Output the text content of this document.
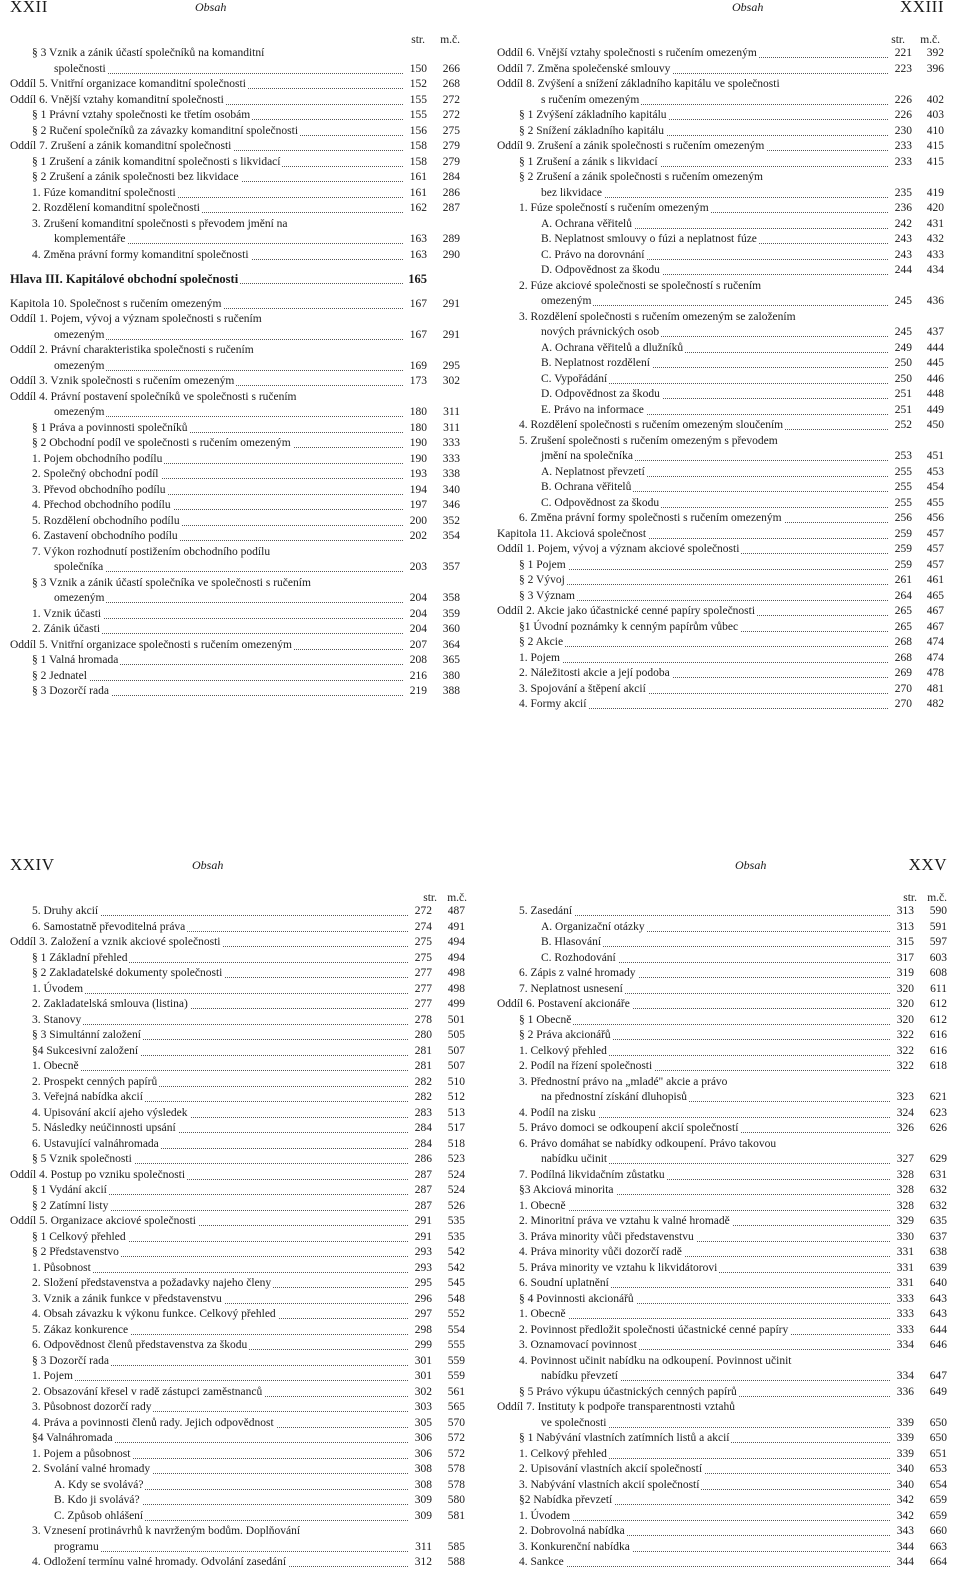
XXII	Obsah
str. m.č.
§ 3 Vznik a zánik účastí společníků na komanditní
společnosti	150	266
Oddíl 5. Vnitřní organizace komanditní společnosti	152	268
Oddíl 6. Vnější vztahy komanditní společnosti	155	272
§ 1 Právní vztahy společnosti ke třetím osobám	155	272
§ 2 Ručení společníků za závazky komanditní společnosti	156	275
Oddíl 7. Zrušení a zánik komanditní společnosti	158	279
§ 1 Zrušení a zánik komanditní společnosti s likvidací	158	279
§ 2 Zrušení a zánik společnosti bez likvidace	161	284
1. Fúze komanditní společnosti	161	286
2. Rozdělení komanditní společnosti	162	287
3. Zrušení komanditní společnosti s převodem jmění na
komplementáře	163	289
4. Změna právní formy komanditní společnosti	163	290
Hlava III. Kapitálové obchodní společnosti	165
Kapitola 10. Společnost s ručením omezeným	167	291
Oddíl 1. Pojem, vývoj a význam společnosti s ručením
omezeným	167	291
Oddíl 2. Právní charakteristika společnosti s ručením
omezeným	169	295
Oddíl 3. Vznik společnosti s ručením omezeným	173	302
Oddíl 4. Právní postavení společníků ve společnosti s ručením
omezeným	180	311
§ 1 Práva a povinnosti společníků	180	311
§ 2 Obchodní podíl ve společnosti s ručením omezeným	190	333
1. Pojem obchodního podílu	190	333
2. Společný obchodní podíl	193	338
3. Převod obchodního podílu	194	340
4. Přechod obchodního podílu	197	346
5. Rozdělení obchodního podílu	200	352
6. Zastavení obchodního podílu	202	354
7. Výkon rozhodnutí postižením obchodního podílu
společníka	203	357
§ 3 Vznik a zánik účastí společníka ve společnosti s ručením
omezeným	204	358
1. Vznik účasti	204	359
2. Zánik účasti	204	360
Oddíl 5. Vnitřní organizace společnosti s ručením omezeným	207	364
§ 1 Valná hromada	208	365
§ 2 Jednatel	216	380
§ 3 Dozorčí rada	219	388
Obsah	XXIII
str. m.č.
Oddíl 6. Vnější vztahy společnosti s ručením omezeným	221	392
Oddíl 7. Změna společenské smlouvy	223	396
Oddíl 8. Zvýšení a snížení základního kapitálu ve společnosti
s ručením omezeným	226	402
§ 1 Zvýšení základního kapitálu	226	403
§ 2 Snížení základního kapitálu	230	410
Oddíl 9. Zrušení a zánik společnosti s ručením omezeným	233	415
§ 1 Zrušení a zánik s likvidací	233	415
§ 2 Zrušení a zánik společnosti s ručením omezeným
bez likvidace	235	419
1. Fúze společností s ručením omezeným	236	420
A. Ochrana věřitelů	242	431
B. Neplatnost smlouvy o fúzi a neplatnost fúze	243	432
C. Právo na dorovnání	243	433
D. Odpovědnost za škodu	244	434
2. Fúze akciové společnosti se společností s ručením
omezeným	245	436
3. Rozdělení společnosti s ručením omezeným se založením
nových právnických osob	245	437
A. Ochrana věřitelů a dlužníků	249	444
B. Neplatnost rozdělení	250	445
C. Vypořádání	250	446
D. Odpovědnost za škodu	251	448
E. Právo na informace	251	449
4. Rozdělení společnosti s ručením omezeným sloučením	252	450
5. Zrušení společnosti s ručením omezeným s převodem
jmění na společníka	253	451
A. Neplatnost převzetí	255	453
B. Ochrana věřitelů	255	454
C. Odpovědnost za škodu	255	455
6. Změna právní formy společnosti s ručením omezeným	256	456
Kapitola 11. Akciová společnost	259	457
Oddíl 1. Pojem, vývoj a význam akciové společnosti	259	457
§ 1 Pojem	259	457
§ 2 Vývoj	261	461
§ 3 Význam	264	465
Oddíl 2. Akcie jako účastnické cenné papíry společnosti	265	467
§1 Úvodní poznámky k cenným papírům vůbec	265	467
§ 2 Akcie	268	474
1. Pojem	268	474
2. Náležitosti akcie a její podoba	269	478
3. Spojování a štěpení akcií	270	481
4. Formy akcií	270	482
XXIV	Obsah
str. m.č.
5. Druhy akcií	272	487
6. Samostatně převoditelná práva	274	491
Oddíl 3. Založení a vznik akciové společnosti	275	494
§ 1 Základní přehled	275	494
§ 2 Zakladatelské dokumenty společnosti	277	498
1. Úvodem	277	498
2. Zakladatelská smlouva (listina)	277	499
3. Stanovy	278	501
§ 3 Simultánní založení	280	505
§4 Sukcesivní založení	281	507
1. Obecně	281	507
2. Prospekt cenných papírů	282	510
3. Veřejná nabídka akcií	282	512
4. Upisování akcií ajeho výsledek	283	513
5. Následky neúčinnosti upsání	284	517
6. Ustavující valnáhromada	284	518
§ 5 Vznik společnosti	286	523
Oddíl 4. Postup po vzniku společnosti	287	524
§ 1 Vydání akcií	287	524
§ 2 Zatímní listy	287	526
Oddíl 5. Organizace akciové společnosti	291	535
§ 1 Celkový přehled	291	535
§ 2 Představenstvo	293	542
1. Působnost	293	542
2. Složení představenstva a požadavky najeho členy	295	545
3. Vznik a zánik funkce v představenstvu	296	548
4. Obsah závazku k výkonu funkce. Celkový přehled	297	552
5. Zákaz konkurence	298	554
6. Odpovědnost členů představenstva za škodu	299	555
§ 3 Dozorčí rada	301	559
1. Pojem	301	559
2. Obsazování křesel v radě zástupci zaměstnanců	302	561
3. Působnost dozorčí rady	303	565
4. Práva a povinnosti členů rady. Jejich odpovědnost	305	570
§4 Valnáhromada	306	572
1. Pojem a působnost	306	572
2. Svolání valné hromady	308	578
A. Kdy se svolává?	308	578
B. Kdo ji svolává?	309	580
C. Způsob ohlášení	309	581
3. Vznesení protinávrhů k navrženým bodům. Doplňování
programu	311	585
4. Odložení termínu valné hromady. Odvolání zasedání	312	588
Obsah	XXV
str. m.č.
5. Zasedání	313	590
A. Organizační otázky	313	591
B. Hlasování	315	597
C. Rozhodování	317	603
6. Zápis z valné hromady	319	608
7. Neplatnost usnesení	320	611
Oddíl 6. Postavení akcionáře	320	612
§ 1 Obecně	320	612
§ 2 Práva akcionářů	322	616
1. Celkový přehled	322	616
2. Podíl na řízení společnosti	322	618
3. Přednostní právo na „mladé" akcie a právo
na přednostní získání dluhopisů	323	621
4. Podíl na zisku	324	623
5. Právo domoci se odkoupení akcií společností	326	626
6. Právo domáhat se nabídky odkoupení. Právo takovou
nabídku učinit	327	629
7. Podílná likvidačním zůstatku	328	631
§3 Akciová minorita	328	632
1. Obecně	328	632
2. Minoritní práva ve vztahu k valné hromadě	329	635
3. Práva minority vůči představenstvu	330	637
4. Práva minority vůči dozorčí radě	331	638
5. Práva minority ve vztahu k likvidátorovi	331	639
6. Soudní uplatnění	331	640
§ 4 Povinnosti akcionářů	333	643
1. Obecně	333	643
2. Povinnost předložit společnosti účastnické cenné papíry	333	644
3. Oznamovací povinnost	334	646
4. Povinnost učinit nabídku na odkoupení. Povinnost učinit
nabídku převzetí	334	647
§ 5 Právo výkupu účastnických cenných papírů	336	649
Oddíl 7. Instituty k podpoře transparentnosti vztahů
ve společnosti	339	650
§ 1 Nabývání vlastních zatímních listů a akcií	339	650
1. Celkový přehled	339	651
2. Upisování vlastních akcií společností	340	653
3. Nabývání vlastních akcií společností	340	654
§2 Nabídka převzetí	342	659
1. Úvodem	342	659
2. Dobrovolná nabídka	343	660
3. Konkurenční nabídka	344	663
4. Sankce	344	664
